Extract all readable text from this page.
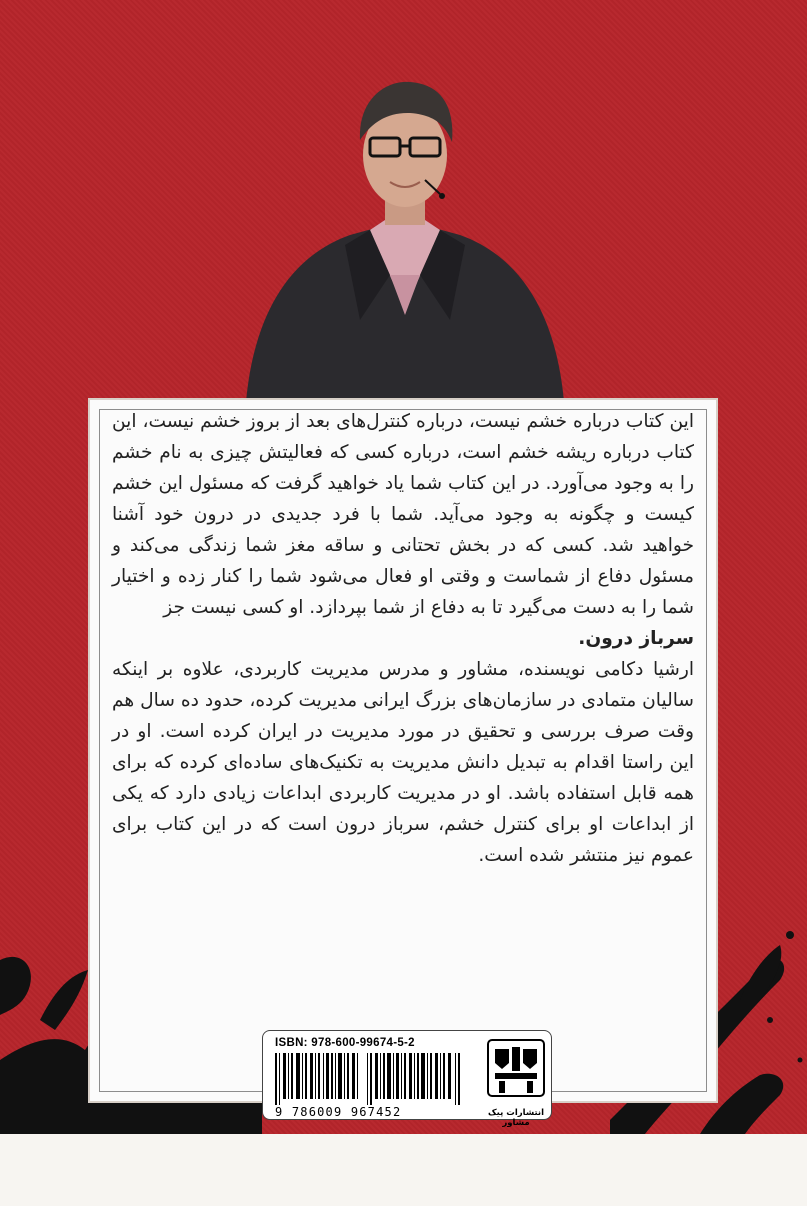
این کتاب درباره خشم نیست، درباره کنترل‌های بعد از بروز خشم نیست، این کتاب درباره ریشه خشم است، درباره کسی که فعالیتش چیزی به نام خشم را به وجود می‌آورد. در این کتاب شما یاد خواهید گرفت که مسئول این خشم کیست و چگونه به وجود می‌آید. شما با فرد جدیدی در درون خود آشنا خواهید شد. کسی که در بخش تحتانی و ساقه مغز شما زندگی می‌کند و مسئول دفاع از شماست و وقتی او فعال می‌شود شما را کنار زده و اختیار شما را به دست می‌گیرد تا به دفاع از شما بپردازد. او کسی نیست جز

سرباز درون.

ارشیا دکامی نویسنده، مشاور و مدرس مدیریت کاربردی، علاوه بر اینکه سالیان متمادی در سازمان‌های بزرگ ایرانی مدیریت کرده، حدود ده سال هم وقت صرف بررسی و تحقیق در مورد مدیریت در ایران کرده است. او در این راستا اقدام به تبدیل دانش مدیریت به تکنیک‌های ساده‌ای کرده که برای همه قابل استفاده باشد. او در مدیریت کاربردی ابداعات زیادی دارد که یکی از ابداعات او برای کنترل خشم، سرباز درون است که در این کتاب برای عموم نیز منتشر شده است.

ISBN: 978-600-99674-5-2
9 786009 967452	انتشارات پیک مشاور
